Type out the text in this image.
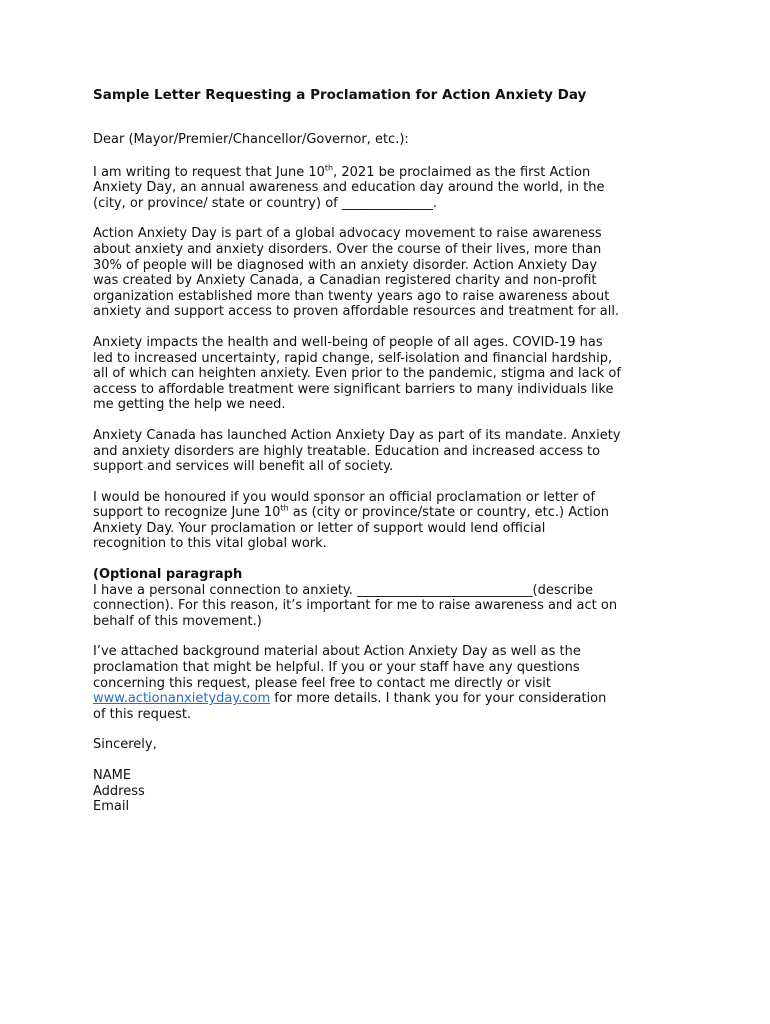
Sample Letter Requesting a Proclamation for Action Anxiety Day
Dear (Mayor/Premier/Chancellor/Governor, etc.):
I am writing to request that June 10th, 2021 be proclaimed as the first Action
Anxiety Day, an annual awareness and education day around the world, in the
(city, or province/ state or country) of ______________.
Action Anxiety Day is part of a global advocacy movement to raise awareness
about anxiety and anxiety disorders. Over the course of their lives, more than
30% of people will be diagnosed with an anxiety disorder. Action Anxiety Day
was created by Anxiety Canada, a Canadian registered charity and non-profit
organization established more than twenty years ago to raise awareness about
anxiety and support access to proven affordable resources and treatment for all.
Anxiety impacts the health and well-being of people of all ages. COVID-19 has
led to increased uncertainty, rapid change, self-isolation and financial hardship,
all of which can heighten anxiety. Even prior to the pandemic, stigma and lack of
access to affordable treatment were significant barriers to many individuals like
me getting the help we need.
Anxiety Canada has launched Action Anxiety Day as part of its mandate. Anxiety
and anxiety disorders are highly treatable. Education and increased access to
support and services will benefit all of society.
I would be honoured if you would sponsor an official proclamation or letter of
support to recognize June 10th as (city or province/state or country, etc.) Action
Anxiety Day. Your proclamation or letter of support would lend official
recognition to this vital global work.
(Optional paragraph
I have a personal connection to anxiety. ___________________________(describe
connection). For this reason, it’s important for me to raise awareness and act on
behalf of this movement.)
I’ve attached background material about Action Anxiety Day as well as the
proclamation that might be helpful. If you or your staff have any questions
concerning this request, please feel free to contact me directly or visit
www.actionanxietyday.com for more details. I thank you for your consideration
of this request.
Sincerely,
NAME
Address
Email
